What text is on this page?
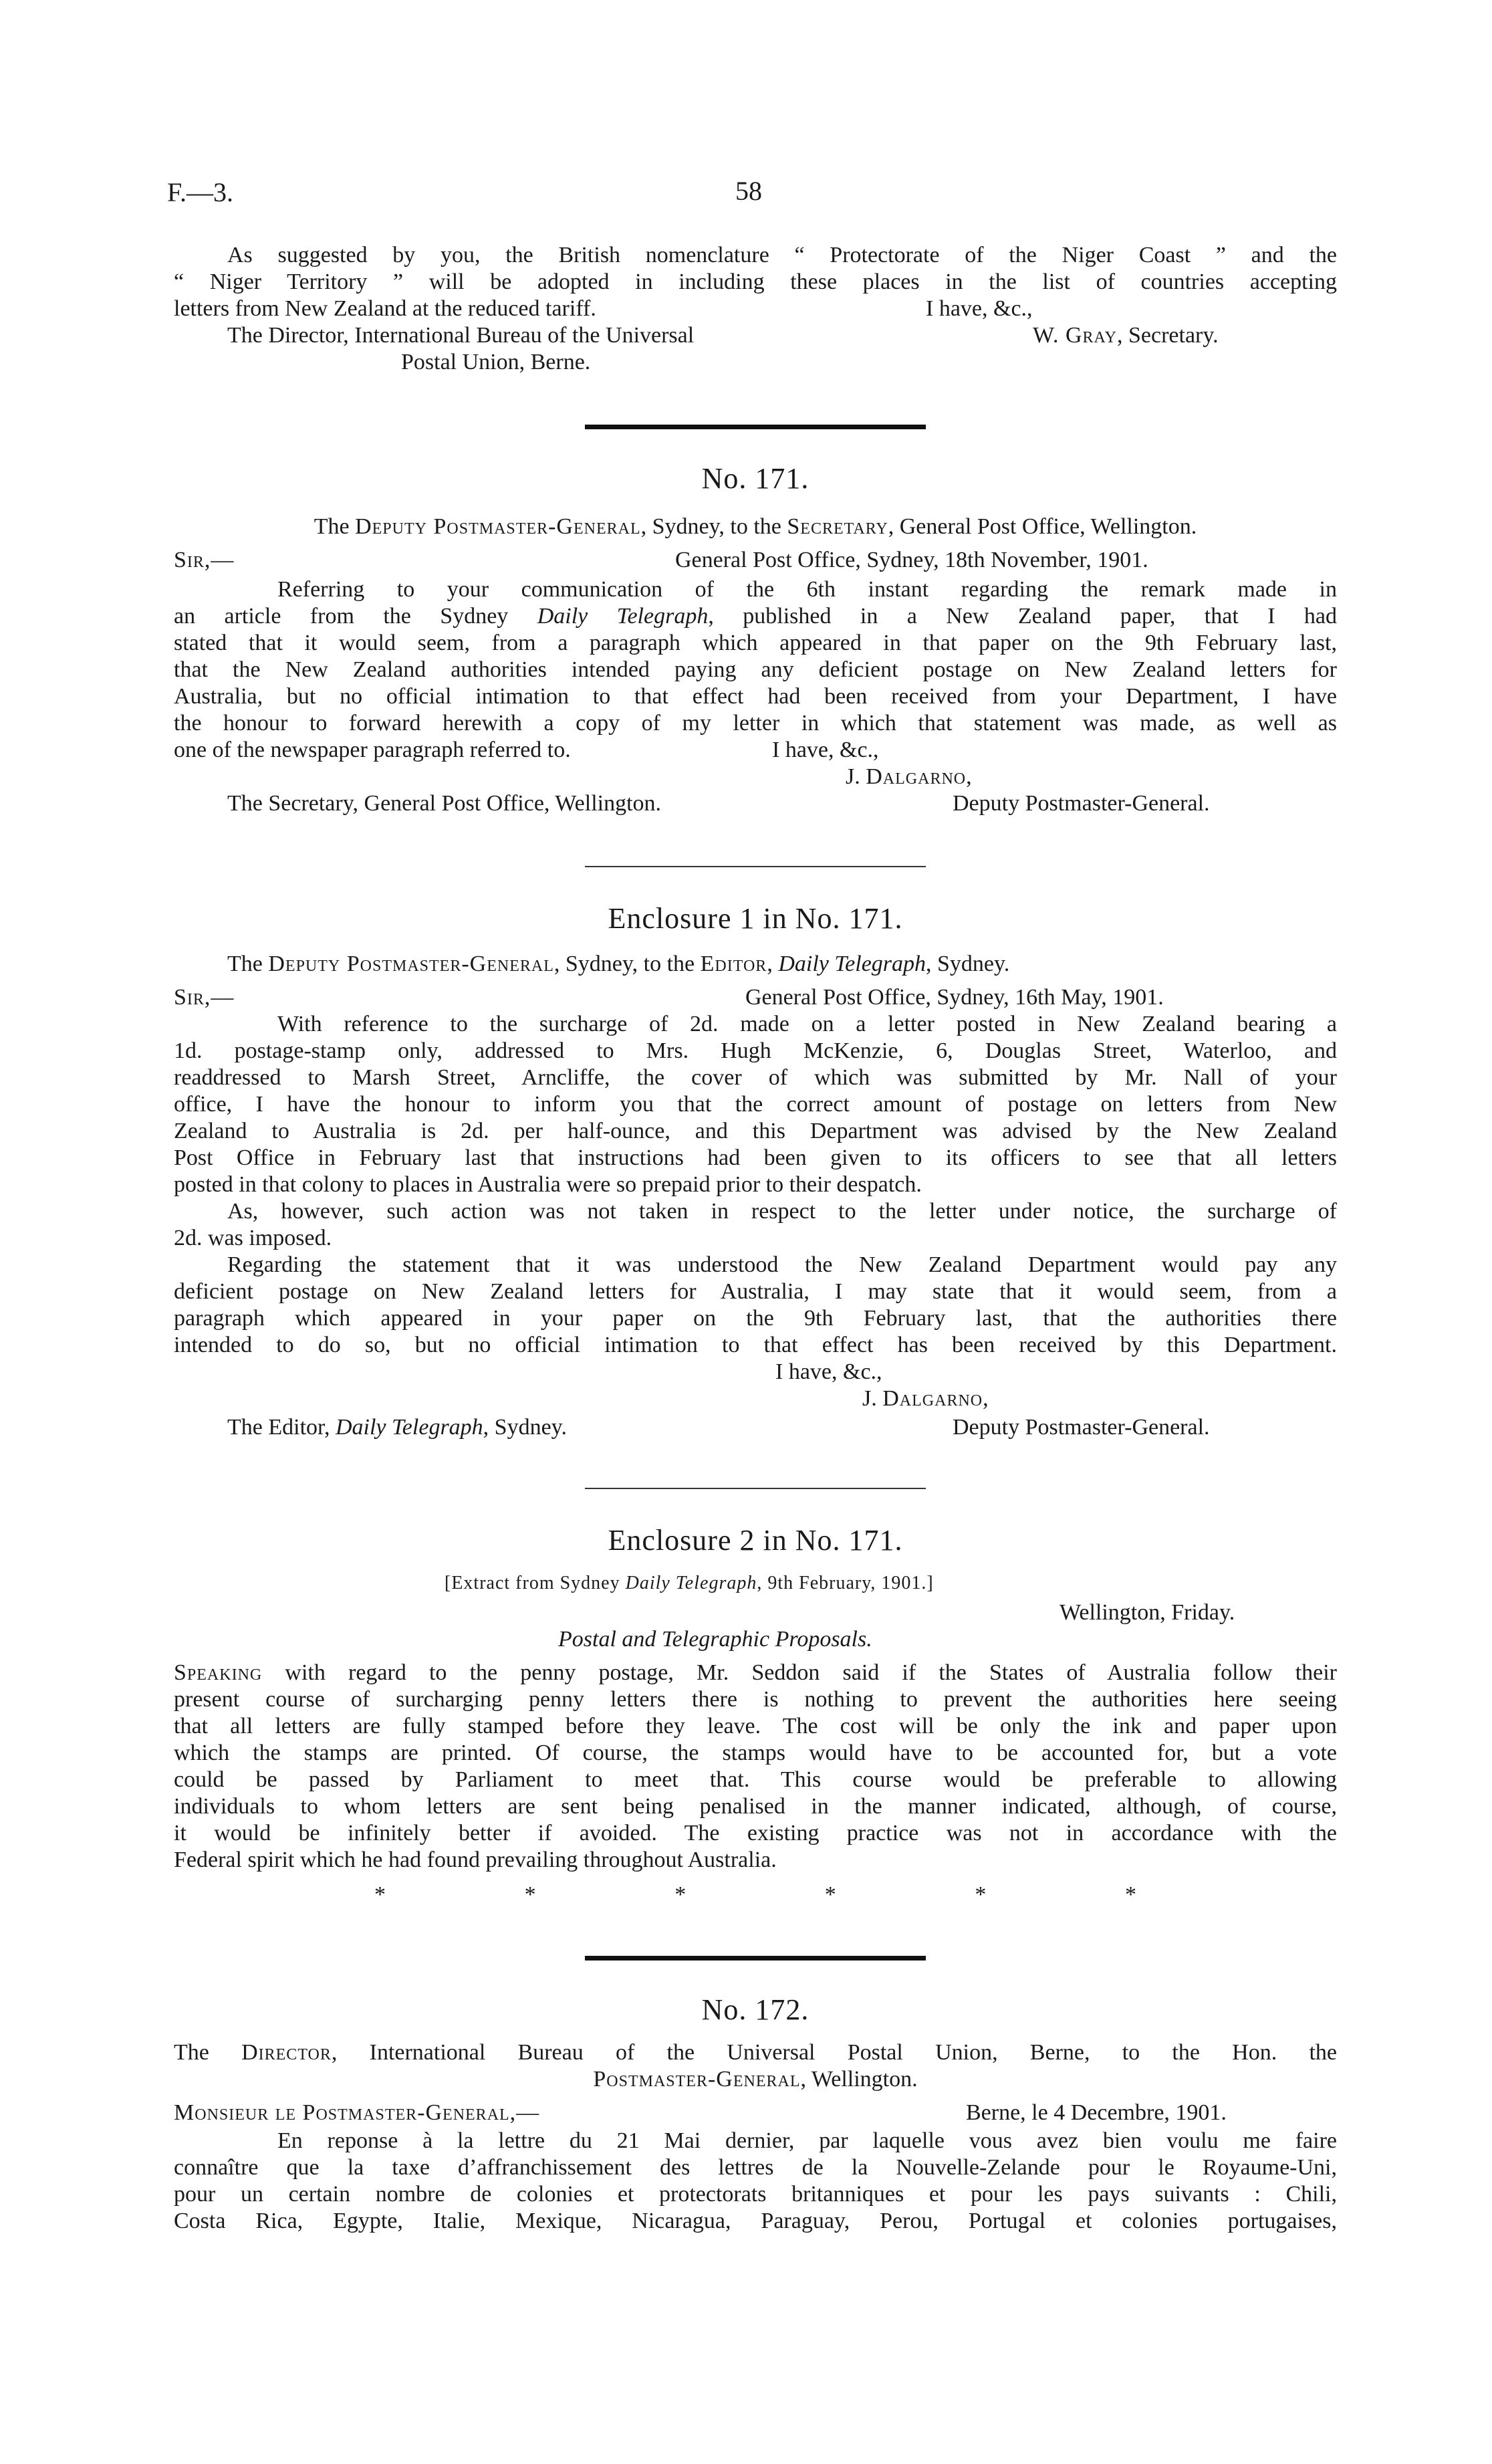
F.—3.	58
As suggested by you, the British nomenclature “ Protectorate of the Niger Coast ” and the
“ Niger Territory ” will be adopted in including these places in the list of countries accepting
letters from New Zealand at the reduced tariff.	I have, &c.,
The Director, International Bureau of the Universal
Postal Union, Berne.
W. Gray, Secretary.
No. 171.
The Deputy Postmaster-General, Sydney, to the Secretary, General Post Office, Wellington.
Sir,—	General Post Office, Sydney, 18th November, 1901.
Referring to your communication of the 6th instant regarding the remark made in
an article from the Sydney Daily Telegraph, published in a New Zealand paper, that I had
stated that it would seem, from a paragraph which appeared in that paper on the 9th February last,
that the New Zealand authorities intended paying any deficient postage on New Zealand letters for
Australia, but no official intimation to that effect had been received from your Department, I have
the honour to forward herewith a copy of my letter in which that statement was made, as well as
one of the newspaper paragraph referred to.	I have, &c.,
J. Dalgarno,
The Secretary, General Post Office, Wellington.	Deputy Postmaster-General.
Enclosure 1 in No. 171.
The Deputy Postmaster-General, Sydney, to the Editor, Daily Telegraph, Sydney.
Sir,—	General Post Office, Sydney, 16th May, 1901.
With reference to the surcharge of 2d. made on a letter posted in New Zealand bearing a
1d. postage-stamp only, addressed to Mrs. Hugh McKenzie, 6, Douglas Street, Waterloo, and
readdressed to Marsh Street, Arncliffe, the cover of which was submitted by Mr. Nall of your
office, I have the honour to inform you that the correct amount of postage on letters from New
Zealand to Australia is 2d. per half-ounce, and this Department was advised by the New Zealand
Post Office in February last that instructions had been given to its officers to see that all letters
posted in that colony to places in Australia were so prepaid prior to their despatch.
As, however, such action was not taken in respect to the letter under notice, the surcharge of
2d. was imposed.
Regarding the statement that it was understood the New Zealand Department would pay any
deficient postage on New Zealand letters for Australia, I may state that it would seem, from a
paragraph which appeared in your paper on the 9th February last, that the authorities there
intended to do so, but no official intimation to that effect has been received by this Department.
I have, &c.,
J. Dalgarno,
The Editor, Daily Telegraph, Sydney.	Deputy Postmaster-General.
Enclosure 2 in No. 171.
[Extract from Sydney Daily Telegraph, 9th February, 1901.]
Wellington, Friday.
Postal and Telegraphic Proposals.
Speaking with regard to the penny postage, Mr. Seddon said if the States of Australia follow their
present course of surcharging penny letters there is nothing to prevent the authorities here seeing
that all letters are fully stamped before they leave. The cost will be only the ink and paper upon
which the stamps are printed. Of course, the stamps would have to be accounted for, but a vote
could be passed by Parliament to meet that. This course would be preferable to allowing
individuals to whom letters are sent being penalised in the manner indicated, although, of course,
it would be infinitely better if avoided. The existing practice was not in accordance with the
Federal spirit which he had found prevailing throughout Australia.
*	*	*	*	*	*
No. 172.
The Director, International Bureau of the Universal Postal Union, Berne, to the Hon. the
Postmaster-General, Wellington.
Monsieur le Postmaster-General,—	Berne, le 4 Decembre, 1901.
En reponse à la lettre du 21 Mai dernier, par laquelle vous avez bien voulu me faire
connaître que la taxe d’affranchissement des lettres de la Nouvelle-Zelande pour le Royaume-Uni,
pour un certain nombre de colonies et protectorats britanniques et pour les pays suivants : Chili,
Costa Rica, Egypte, Italie, Mexique, Nicaragua, Paraguay, Perou, Portugal et colonies portugaises,
